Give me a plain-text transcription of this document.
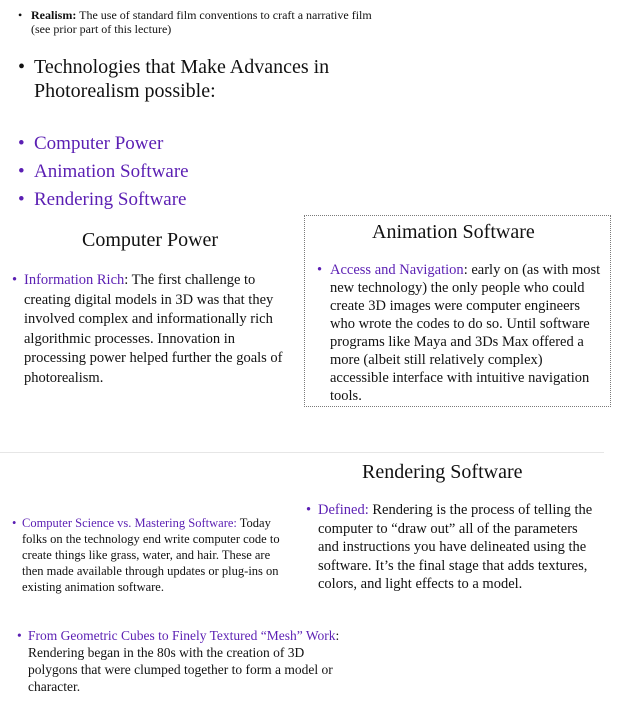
• Realism: The use of standard film conventions to craft a narrative film (see prior part of this lecture)
• Technologies that Make Advances in Photorealism possible:
• Computer Power
• Animation Software
• Rendering Software
Computer Power
• Information Rich: The first challenge to creating digital models in 3D was that they involved complex and informationally rich algorithmic processes. Innovation in processing power helped further the goals of photorealism.
Animation Software
• Access and Navigation: early on (as with most new technology) the only people who could create 3D images were computer engineers who wrote the codes to do so. Until software programs like Maya and 3Ds Max offered a more (albeit still relatively complex) accessible interface with intuitive navigation tools.
Rendering Software
• Defined: Rendering is the process of telling the computer to “draw out” all of the parameters and instructions you have delineated using the software. It’s the final stage that adds textures, colors, and light effects to a model.
• Computer Science vs. Mastering Software: Today folks on the technology end write computer code to create things like grass, water, and hair. These are then made available through updates or plug-ins on existing animation software.
• From Geometric Cubes to Finely Textured “Mesh” Work: Rendering began in the 80s with the creation of 3D polygons that were clumped together to form a model or character.
